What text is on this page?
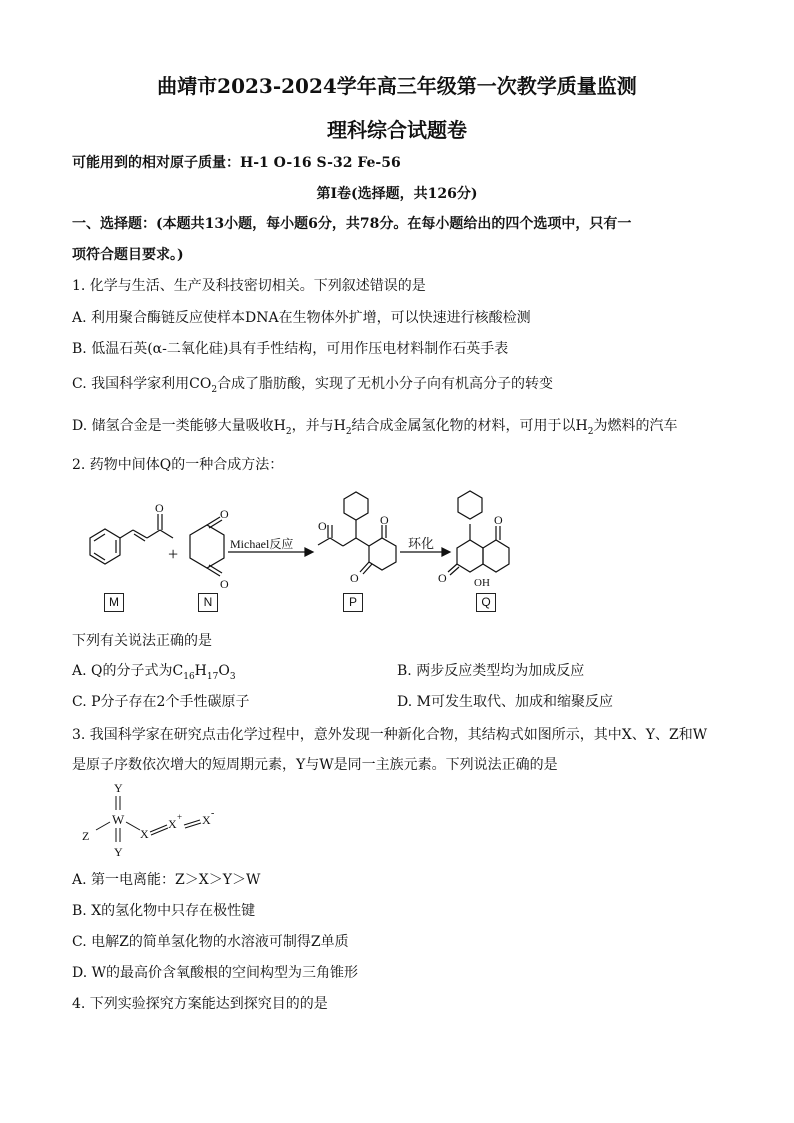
曲靖市2023-2024学年高三年级第一次教学质量监测
理科综合试题卷
可能用到的相对原子质量：H-1 O-16 S-32 Fe-56
第I卷(选择题，共126分)
一、选择题：(本题共13小题，每小题6分，共78分。在每小题给出的四个选项中，只有一
项符合题目要求。)
1. 化学与生活、生产及科技密切相关。下列叙述错误的是
A. 利用聚合酶链反应使样本DNA在生物体外扩增，可以快速进行核酸检测
B. 低温石英(α-二氧化硅)具有手性结构，可用作压电材料制作石英手表
C. 我国科学家利用$CO_2$合成了脂肪酸，实现了无机小分子向有机高分子的转变
D. 储氢合金是一类能够大量吸收$H_2$，并与$H_2$结合成金属氢化物的材料，可用于以$H_2$为燃料的汽车
2. 药物中间体Q的一种合成方法：
O
+
O
O
Michael反应
O	O
O
环化
O
O OH
M	N	P	Q
下列有关说法正确的是
A. Q的分子式为$C_{16}H_{17}O_3$	B. 两步反应类型均为加成反应
C. P分子存在2个手性碳原子	D. M可发生取代、加成和缩聚反应
3. 我国科学家在研究点击化学过程中，意外发现一种新化合物，其结构式如图所示，其中X、Y、Z和W
是原子序数依次增大的短周期元素，Y与W是同一主族元素。下列说法正确的是
Y
W
Y
Z	X
X + X -
A. 第一电离能：Z＞X＞Y＞W
B. X的氢化物中只存在极性键
C. 电解Z的简单氢化物的水溶液可制得Z单质
D. W的最高价含氧酸根的空间构型为三角锥形
4. 下列实验探究方案能达到探究目的的是
